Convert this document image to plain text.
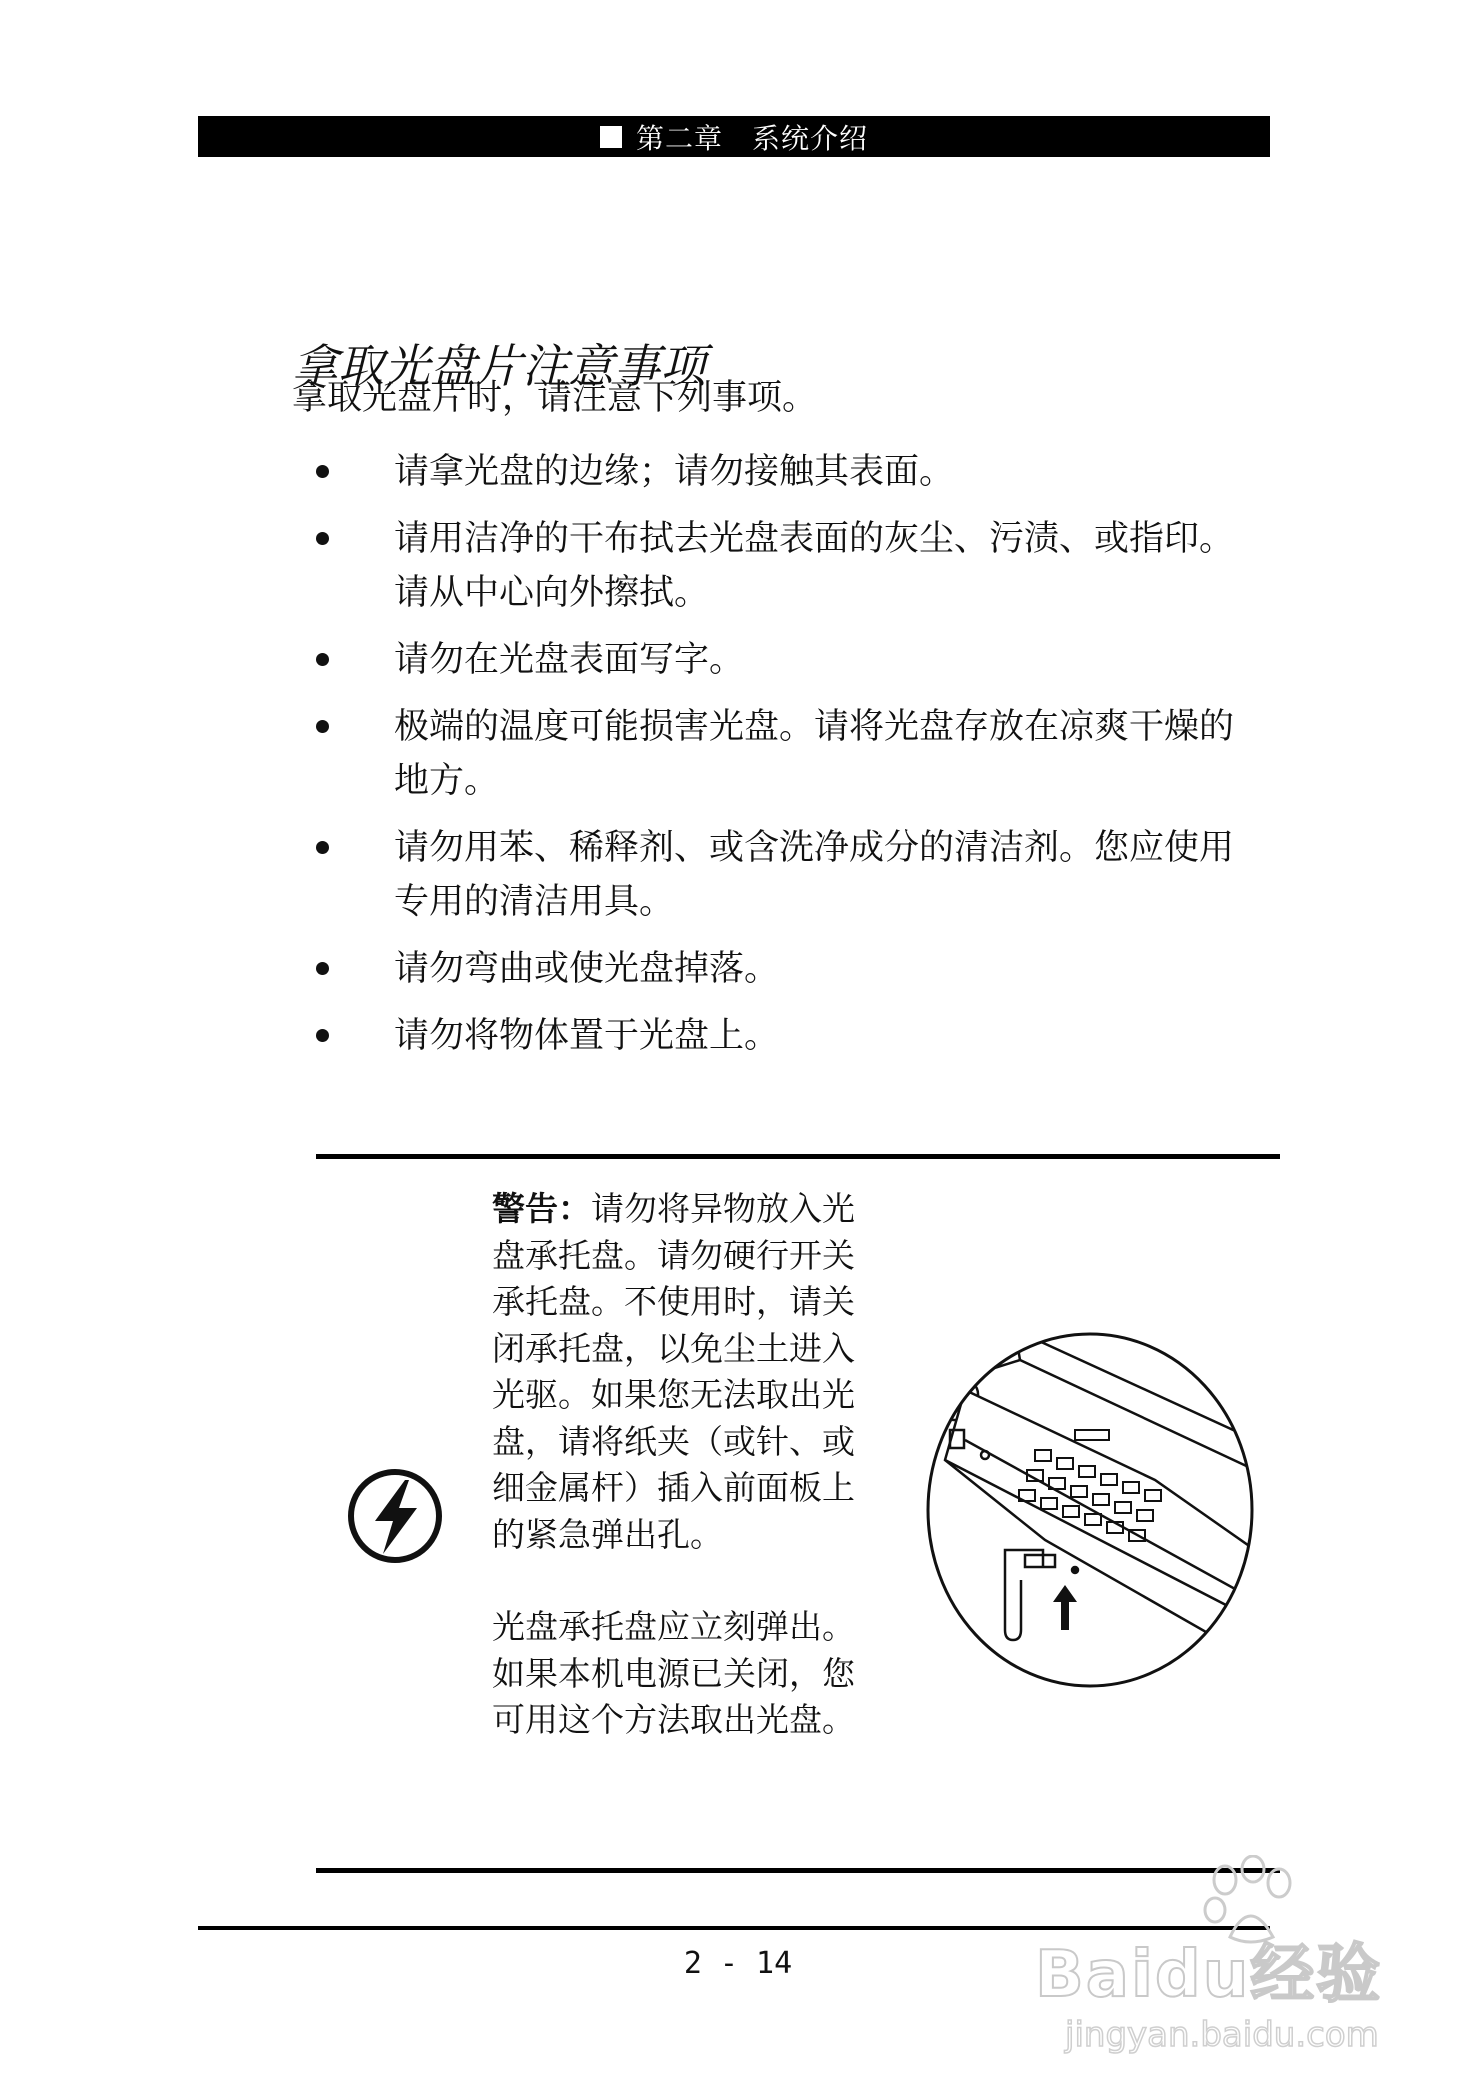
第二章　系统介绍
拿取光盘片注意事项
拿取光盘片时，请注意下列事项。
请拿光盘的边缘；请勿接触其表面。
请用洁净的干布拭去光盘表面的灰尘、污渍、或指印。请从中心向外擦拭。
请勿在光盘表面写字。
极端的温度可能损害光盘。请将光盘存放在凉爽干燥的地方。
请勿用苯、稀释剂、或含洗净成分的清洁剂。您应使用专用的清洁用具。
请勿弯曲或使光盘掉落。
请勿将物体置于光盘上。

警告：请勿将异物放入光盘承托盘。请勿硬行开关承托盘。不使用时，请关闭承托盘，以免尘土进入光驱。如果您无法取出光盘，请将纸夹（或针、或细金属杆）插入前面板上的紧急弹出孔。

光盘承托盘应立刻弹出。如果本机电源已关闭，您可用这个方法取出光盘。

2 - 14	Baidu经验
jingyan.baidu.com
